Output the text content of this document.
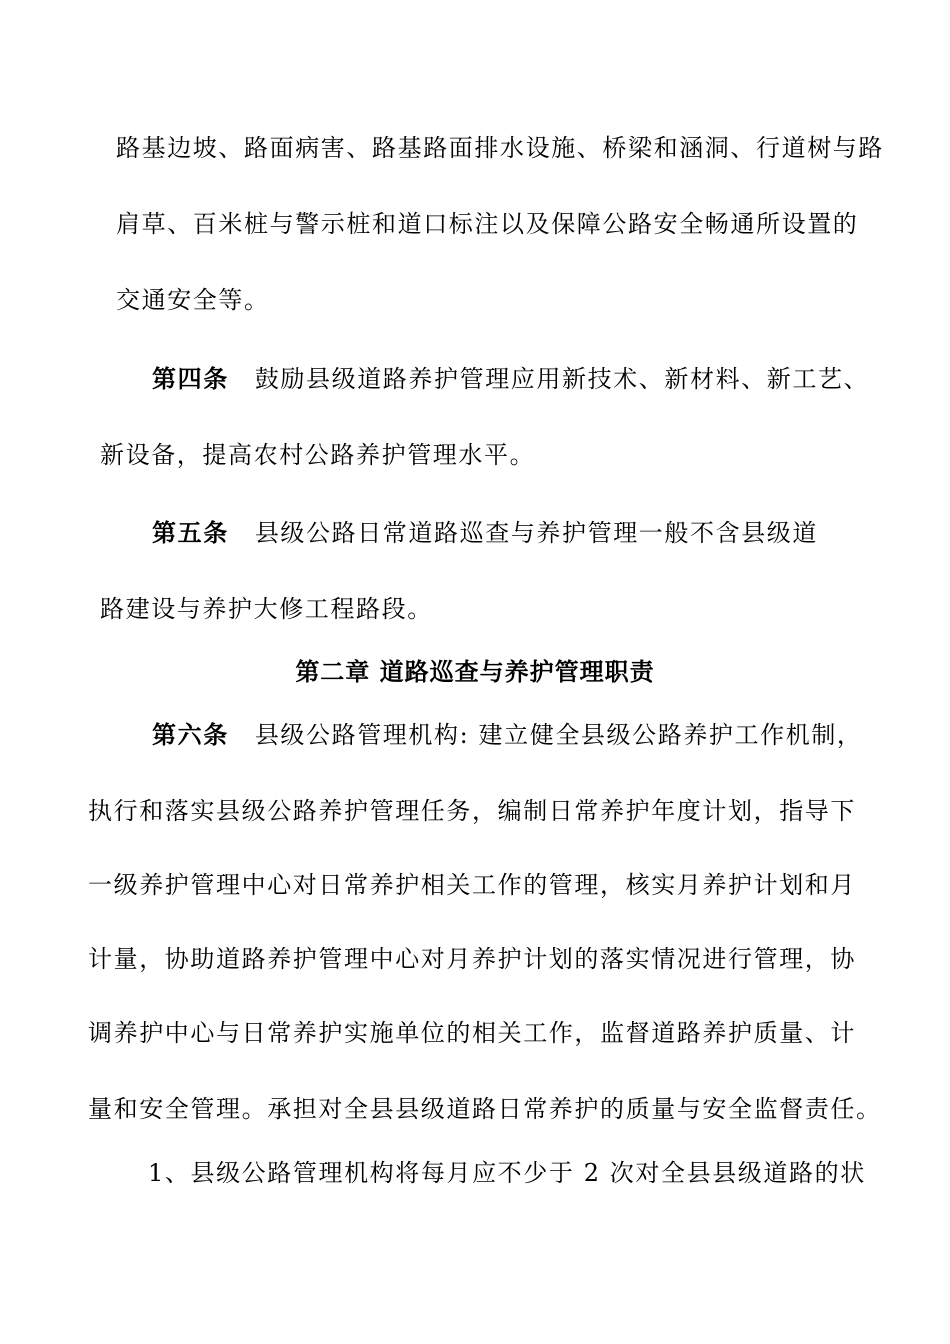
路基边坡、路面病害、路基路面排水设施、桥梁和涵洞、行道树与路
肩草、百米桩与警示桩和道口标注以及保障公路安全畅通所设置的
交通安全等。
第四条 鼓励县级道路养护管理应用新技术、新材料、新工艺、
新设备，提高农村公路养护管理水平。
第五条 县级公路日常道路巡查与养护管理一般不含县级道
路建设与养护大修工程路段。
第二章 道路巡查与养护管理职责
第六条 县级公路管理机构: 建立健全县级公路养护工作机制，
执行和落实县级公路养护管理任务，编制日常养护年度计划，指导下
一级养护管理中心对日常养护相关工作的管理，核实月养护计划和月
计量，协助道路养护管理中心对月养护计划的落实情况进行管理，协
调养护中心与日常养护实施单位的相关工作，监督道路养护质量、计
量和安全管理。承担对全县县级道路日常养护的质量与安全监督责任。
1、县级公路管理机构将每月应不少于 2 次对全县县级道路的状
